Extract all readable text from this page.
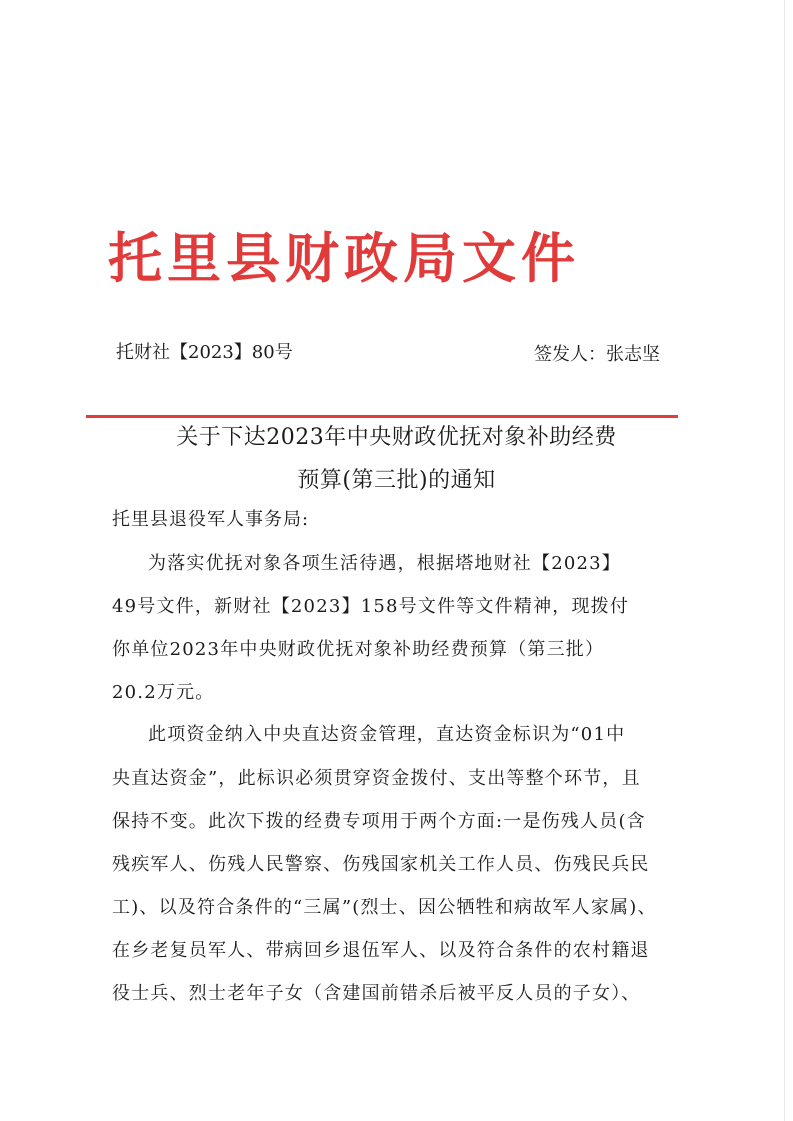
托里县财政局文件
托财社【2023】80号	签发人：张志坚
关于下达2023年中央财政优抚对象补助经费
预算(第三批)的通知
托里县退役军人事务局:
为落实优抚对象各项生活待遇，根据塔地财社【2023】
49号文件，新财社【2023】158号文件等文件精神，现拨付
你单位2023年中央财政优抚对象补助经费预算（第三批）
20.2万元。
此项资金纳入中央直达资金管理，直达资金标识为“01中
央直达资金”，此标识必须贯穿资金拨付、支出等整个环节，且
保持不变。此次下拨的经费专项用于两个方面:一是伤残人员(含
残疾军人、伤残人民警察、伤残国家机关工作人员、伤残民兵民
工)、以及符合条件的“三属”(烈士、因公牺牲和病故军人家属)、
在乡老复员军人、带病回乡退伍军人、以及符合条件的农村籍退
役士兵、烈士老年子女（含建国前错杀后被平反人员的子女）、
